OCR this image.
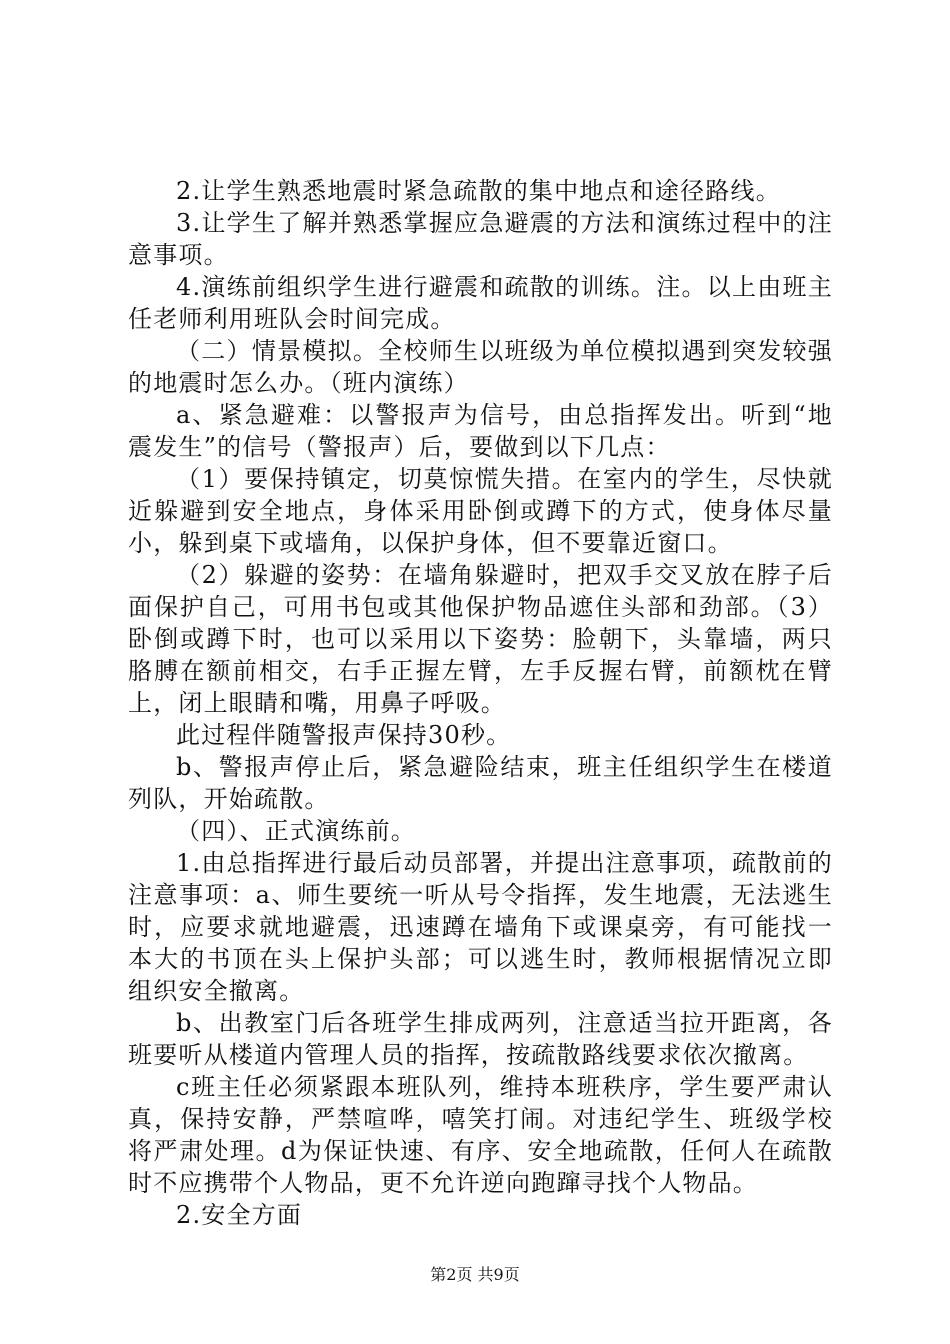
2.让学生熟悉地震时紧急疏散的集中地点和途径路线。

3.让学生了解并熟悉掌握应急避震的方法和演练过程中的注意事项。

4.演练前组织学生进行避震和疏散的训练。注。以上由班主任老师利用班队会时间完成。

（二）情景模拟。全校师生以班级为单位模拟遇到突发较强的地震时怎么办。（班内演练）

a、紧急避难：以警报声为信号，由总指挥发出。听到“地震发生”的信号（警报声）后，要做到以下几点：

（1）要保持镇定，切莫惊慌失措。在室内的学生，尽快就近躲避到安全地点，身体采用卧倒或蹲下的方式，使身体尽量小，躲到桌下或墙角，以保护身体，但不要靠近窗口。

（2）躲避的姿势：在墙角躲避时，把双手交叉放在脖子后面保护自己，可用书包或其他保护物品遮住头部和劲部。（3）卧倒或蹲下时，也可以采用以下姿势：脸朝下，头靠墙，两只胳膊在额前相交，右手正握左臂，左手反握右臂，前额枕在臂上，闭上眼睛和嘴，用鼻子呼吸。

此过程伴随警报声保持30秒。

b、警报声停止后，紧急避险结束，班主任组织学生在楼道列队，开始疏散。

（四）、正式演练前。

1.由总指挥进行最后动员部署，并提出注意事项，疏散前的注意事项：a、师生要统一听从号令指挥，发生地震，无法逃生时，应要求就地避震，迅速蹲在墙角下或课桌旁，有可能找一本大的书顶在头上保护头部；可以逃生时，教师根据情况立即组织安全撤离。

b、出教室门后各班学生排成两列，注意适当拉开距离，各班要听从楼道内管理人员的指挥，按疏散路线要求依次撤离。

c班主任必须紧跟本班队列，维持本班秩序，学生要严肃认真，保持安静，严禁喧哗，嘻笑打闹。对违纪学生、班级学校将严肃处理。d为保证快速、有序、安全地疏散，任何人在疏散时不应携带个人物品，更不允许逆向跑蹿寻找个人物品。

2.安全方面

第2页 共9页
